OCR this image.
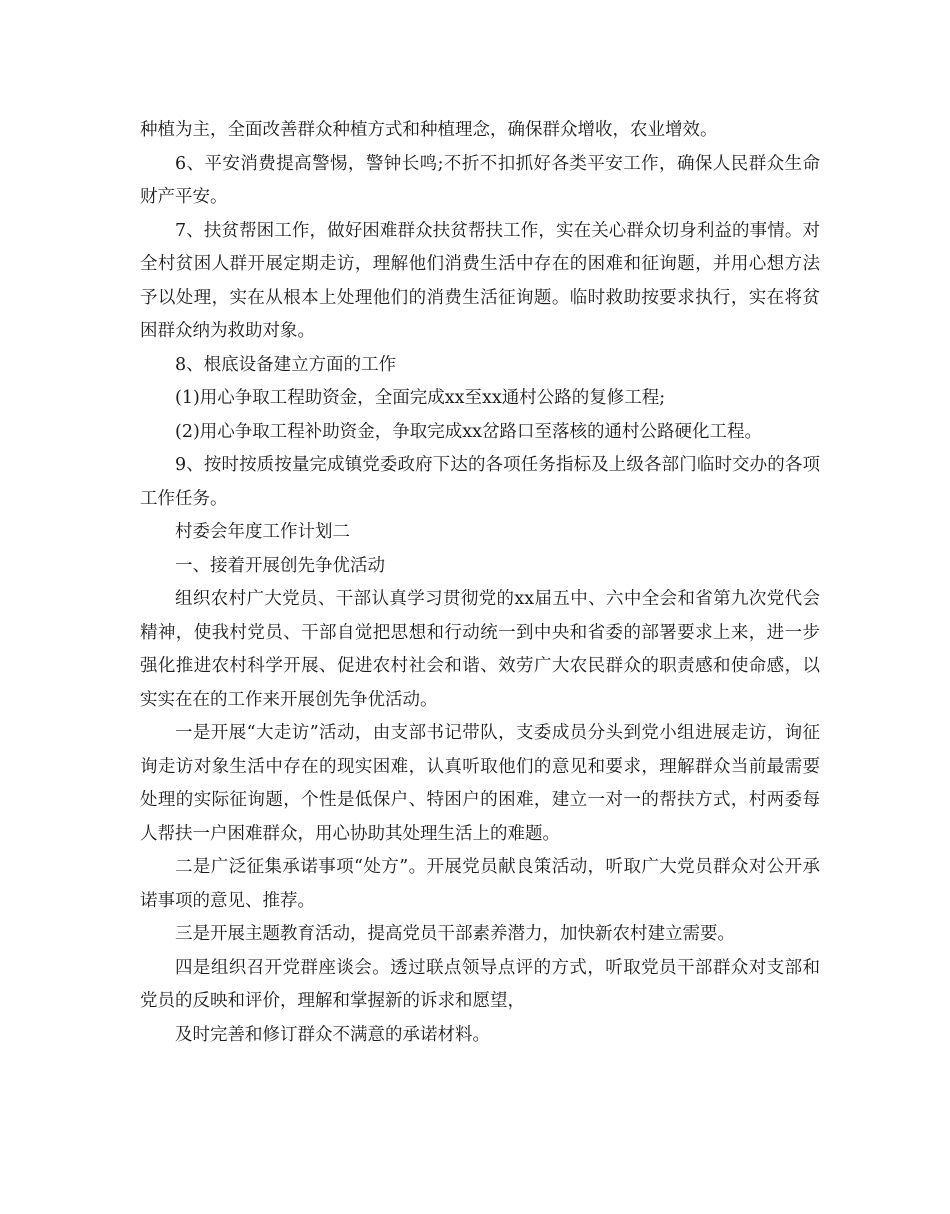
种植为主，全面改善群众种植方式和种植理念，确保群众增收，农业增效。

6、平安消费提高警惕，警钟长鸣;不折不扣抓好各类平安工作，确保人民群众生命财产平安。

7、扶贫帮困工作，做好困难群众扶贫帮扶工作，实在关心群众切身利益的事情。对全村贫困人群开展定期走访，理解他们消费生活中存在的困难和征询题，并用心想方法予以处理，实在从根本上处理他们的消费生活征询题。临时救助按要求执行，实在将贫困群众纳为救助对象。

8、根底设备建立方面的工作

(1)用心争取工程助资金，全面完成xx至xx通村公路的复修工程;

(2)用心争取工程补助资金，争取完成xx岔路口至落核的通村公路硬化工程。

9、按时按质按量完成镇党委政府下达的各项任务指标及上级各部门临时交办的各项工作任务。

村委会年度工作计划二

一、接着开展创先争优活动

组织农村广大党员、干部认真学习贯彻党的xx届五中、六中全会和省第九次党代会精神，使我村党员、干部自觉把思想和行动统一到中央和省委的部署要求上来，进一步强化推进农村科学开展、促进农村社会和谐、效劳广大农民群众的职责感和使命感，以实实在在的工作来开展创先争优活动。

一是开展“大走访”活动，由支部书记带队，支委成员分头到党小组进展走访，询征询走访对象生活中存在的现实困难，认真听取他们的意见和要求，理解群众当前最需要处理的实际征询题，个性是低保户、特困户的困难，建立一对一的帮扶方式，村两委每人帮扶一户困难群众，用心协助其处理生活上的难题。

二是广泛征集承诺事项“处方”。开展党员献良策活动，听取广大党员群众对公开承诺事项的意见、推荐。

三是开展主题教育活动，提高党员干部素养潜力，加快新农村建立需要。

四是组织召开党群座谈会。透过联点领导点评的方式，听取党员干部群众对支部和党员的反映和评价，理解和掌握新的诉求和愿望，

及时完善和修订群众不满意的承诺材料。
